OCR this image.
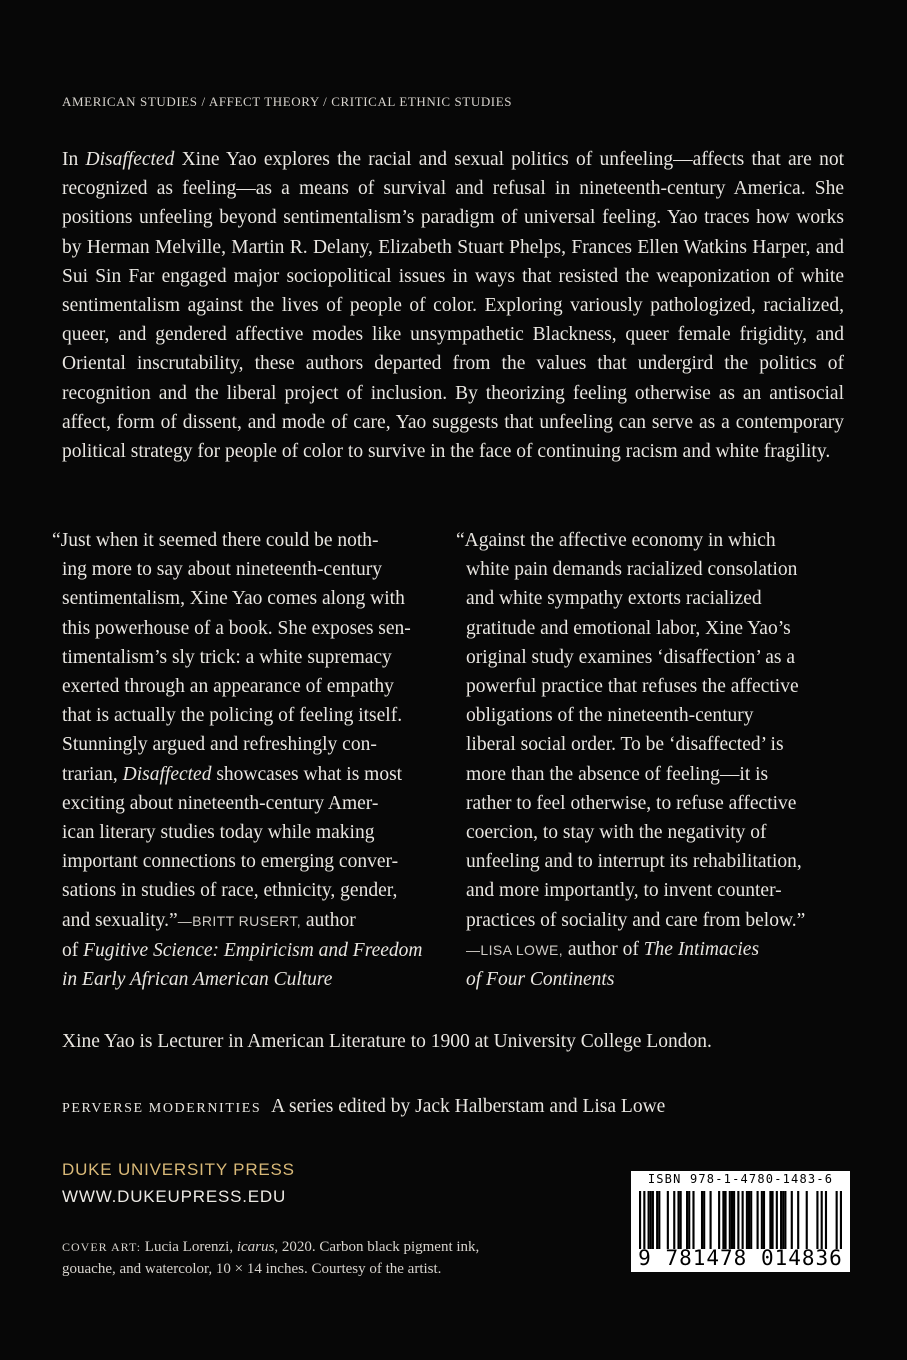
AMERICAN STUDIES / AFFECT THEORY / CRITICAL ETHNIC STUDIES

In Disaffected Xine Yao explores the racial and sexual politics of unfeeling—affects that are not recognized as feeling—as a means of survival and refusal in nineteenth-century America. She positions unfeeling beyond sentimentalism’s paradigm of universal feeling. Yao traces how works by Herman Melville, Martin R. Delany, Elizabeth Stuart Phelps, Frances Ellen Watkins Harper, and Sui Sin Far engaged major sociopolitical issues in ways that resisted the weaponization of white sentimentalism against the lives of people of color. Exploring variously pathologized, racialized, queer, and gendered affective modes like unsympathetic Blackness, queer female frigidity, and Oriental inscrutability, these authors departed from the values that undergird the politics of recognition and the liberal project of inclusion. By theorizing feeling otherwise as an antisocial affect, form of dissent, and mode of care, Yao suggests that unfeeling can serve as a contemporary political strategy for people of color to survive in the face of continuing racism and white fragility.

“Just when it seemed there could be noth-
ing more to say about nineteenth-century
sentimentalism, Xine Yao comes along with
this powerhouse of a book. She exposes sen-
timentalism’s sly trick: a white supremacy
exerted through an appearance of empathy
that is actually the policing of feeling itself.
Stunningly argued and refreshingly con-
trarian, Disaffected showcases what is most
exciting about nineteenth-century Amer-
ican literary studies today while making
important connections to emerging conver-
sations in studies of race, ethnicity, gender,
and sexuality.”—BRITT RUSERT, author
of Fugitive Science: Empiricism and Freedom
in Early African American Culture
“Against the affective economy in which
white pain demands racialized consolation
and white sympathy extorts racialized
gratitude and emotional labor, Xine Yao’s
original study examines ‘disaffection’ as a
powerful practice that refuses the affective
obligations of the nineteenth-century
liberal social order. To be ‘disaffected’ is
more than the absence of feeling—it is
rather to feel otherwise, to refuse affective
coercion, to stay with the negativity of
unfeeling and to interrupt its rehabilitation,
and more importantly, to invent counter-
practices of sociality and care from below.”
—LISA LOWE, author of The Intimacies
of Four Continents
Xine Yao is Lecturer in American Literature to 1900 at University College London.
PERVERSE MODERNITIES A series edited by Jack Halberstam and Lisa Lowe
DUKE UNIVERSITY PRESS
WWW.DUKEUPRESS.EDU
COVER ART: Lucia Lorenzi, icarus, 2020. Carbon black pigment ink,
gouache, and watercolor, 10 × 14 inches. Courtesy of the artist.
ISBN 978-1-4780-1483-6
9 781478 014836
